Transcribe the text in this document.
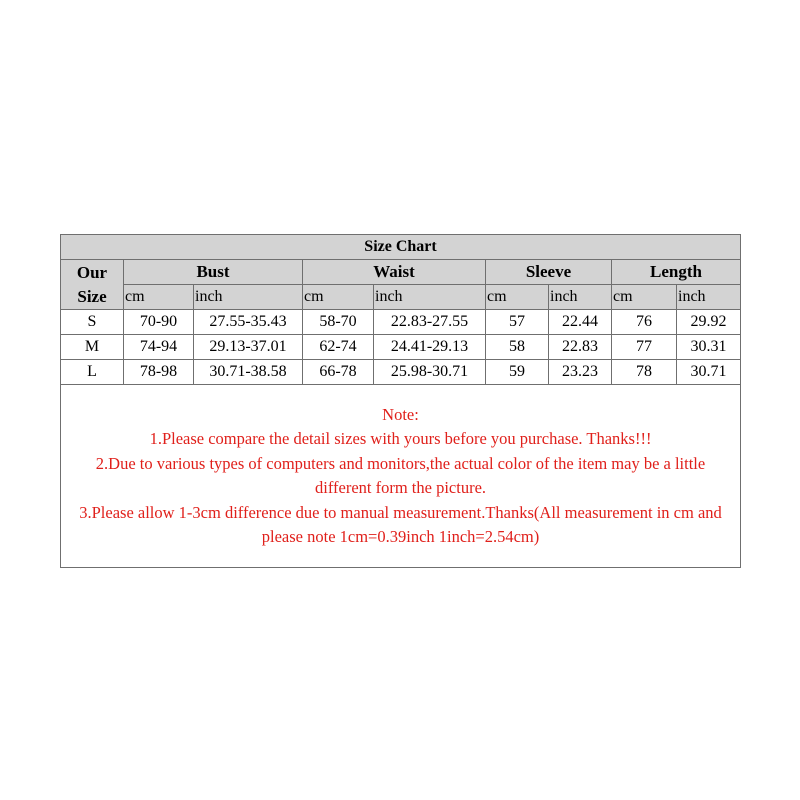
Size Chart								
Our
Size	Bust		Waist		Sleeve		Length	
	cm	inch	cm	inch	cm	inch	cm	inch
S	70-90	27.55-35.43	58-70	22.83-27.55	57	22.44	76	29.92
M	74-94	29.13-37.01	62-74	24.41-29.13	58	22.83	77	30.31
L	78-98	30.71-38.58	66-78	25.98-30.71	59	23.23	78	30.71

Note:
1.Please compare the detail sizes with yours before you purchase. Thanks!!!
2.Due to various types of computers and monitors,the actual color of the item may be a little different form the picture.
3.Please allow 1-3cm difference due to manual measurement.Thanks(All measurement in cm and please note 1cm=0.39inch 1inch=2.54cm)								
